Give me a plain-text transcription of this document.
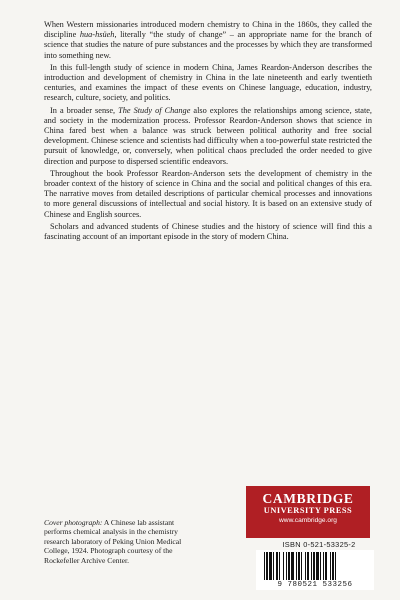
When Western missionaries introduced modern chemistry to China in the 1860s, they called the discipline hua-hsüeh, literally “the study of change” – an appropriate name for the branch of science that studies the nature of pure substances and the processes by which they are transformed into something new.

In this full-length study of science in modern China, James Reardon-Anderson describes the introduction and development of chemistry in China in the late nineteenth and early twentieth centuries, and examines the impact of these events on Chinese language, education, industry, research, culture, society, and politics.

In a broader sense, The Study of Change also explores the relationships among science, state, and society in the modernization process. Professor Reardon-Anderson shows that science in China fared best when a balance was struck between political authority and free social development. Chinese science and scientists had difficulty when a too-powerful state restricted the pursuit of knowledge, or, conversely, when political chaos precluded the order needed to give direction and purpose to dispersed scientific endeavors.

Throughout the book Professor Reardon-Anderson sets the development of chemistry in the broader context of the history of science in China and the social and political changes of this era. The narrative moves from detailed descriptions of particular chemical processes and innovations to more general discussions of intellectual and social history. It is based on an extensive study of Chinese and English sources.

Scholars and advanced students of Chinese studies and the history of science will find this a fascinating account of an important episode in the story of modern China.

Cover photograph: A Chinese lab assistant performs chemical analysis in the chemistry research laboratory of Peking Union Medical College, 1924. Photograph courtesy of the Rockefeller Archive Center.
CAMBRIDGE
UNIVERSITY PRESS
www.cambridge.org
ISBN 0-521-53325-2
9 780521 533256
